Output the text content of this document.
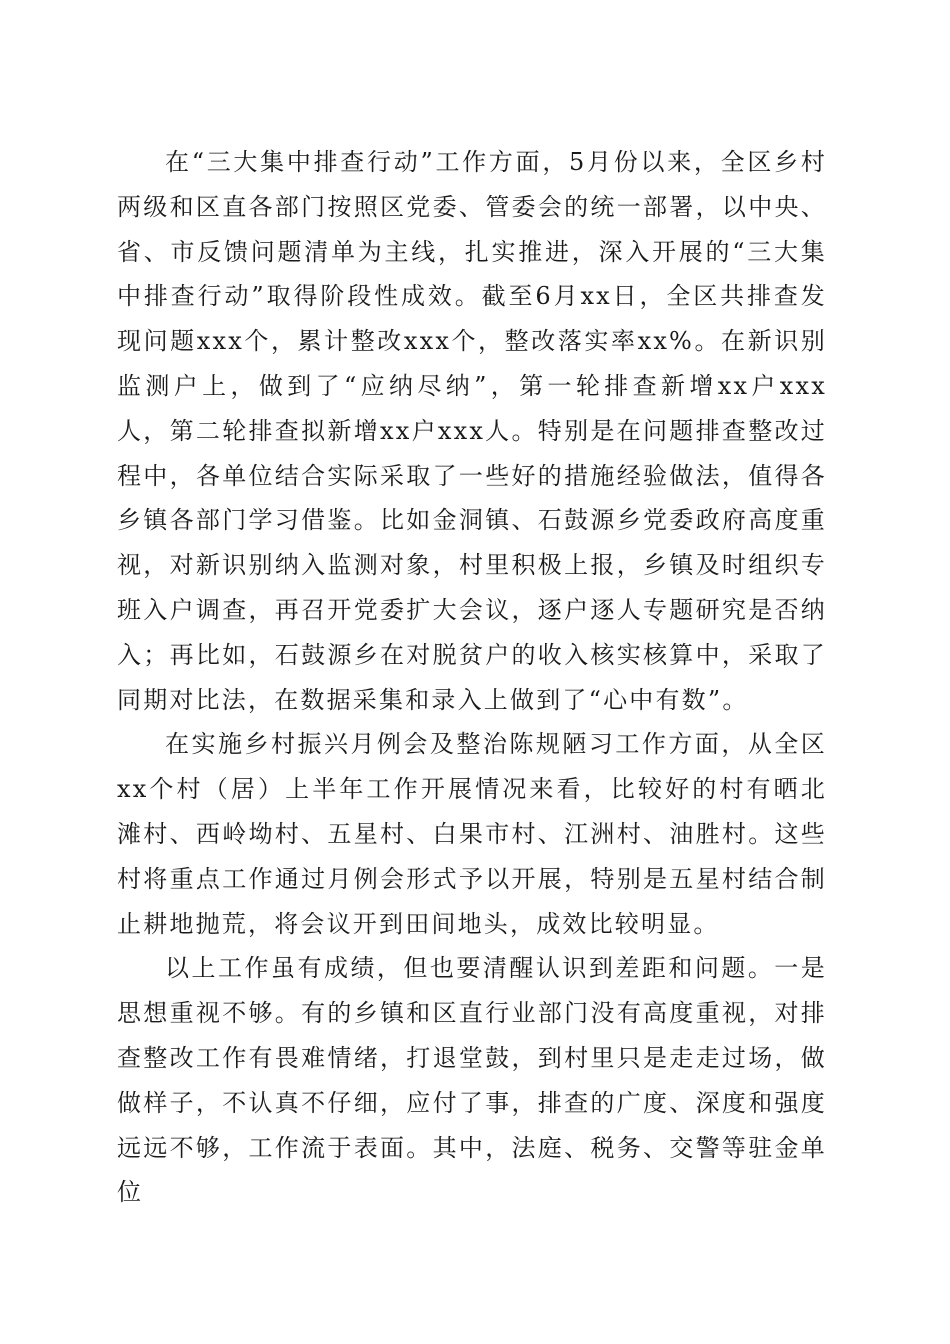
在“三大集中排查行动”工作方面，5月份以来，全区乡村两级和区直各部门按照区党委、管委会的统一部署，以中央、省、市反馈问题清单为主线，扎实推进，深入开展的“三大集中排查行动”取得阶段性成效。截至6月xx日，全区共排查发现问题xxx个，累计整改xxx个，整改落实率xx%。在新识别监测户上，做到了“应纳尽纳”，第一轮排查新增xx户xxx人，第二轮排查拟新增xx户xxx人。特别是在问题排查整改过程中，各单位结合实际采取了一些好的措施经验做法，值得各乡镇各部门学习借鉴。比如金洞镇、石鼓源乡党委政府高度重视，对新识别纳入监测对象，村里积极上报，乡镇及时组织专班入户调查，再召开党委扩大会议，逐户逐人专题研究是否纳入；再比如，石鼓源乡在对脱贫户的收入核实核算中，采取了同期对比法，在数据采集和录入上做到了“心中有数”。

在实施乡村振兴月例会及整治陈规陋习工作方面，从全区xx个村（居）上半年工作开展情况来看，比较好的村有晒北滩村、西岭坳村、五星村、白果市村、江洲村、油胜村。这些村将重点工作通过月例会形式予以开展，特别是五星村结合制止耕地抛荒，将会议开到田间地头，成效比较明显。

以上工作虽有成绩，但也要清醒认识到差距和问题。一是思想重视不够。有的乡镇和区直行业部门没有高度重视，对排查整改工作有畏难情绪，打退堂鼓，到村里只是走走过场，做做样子，不认真不仔细，应付了事，排查的广度、深度和强度远远不够，工作流于表面。其中，法庭、税务、交警等驻金单位
